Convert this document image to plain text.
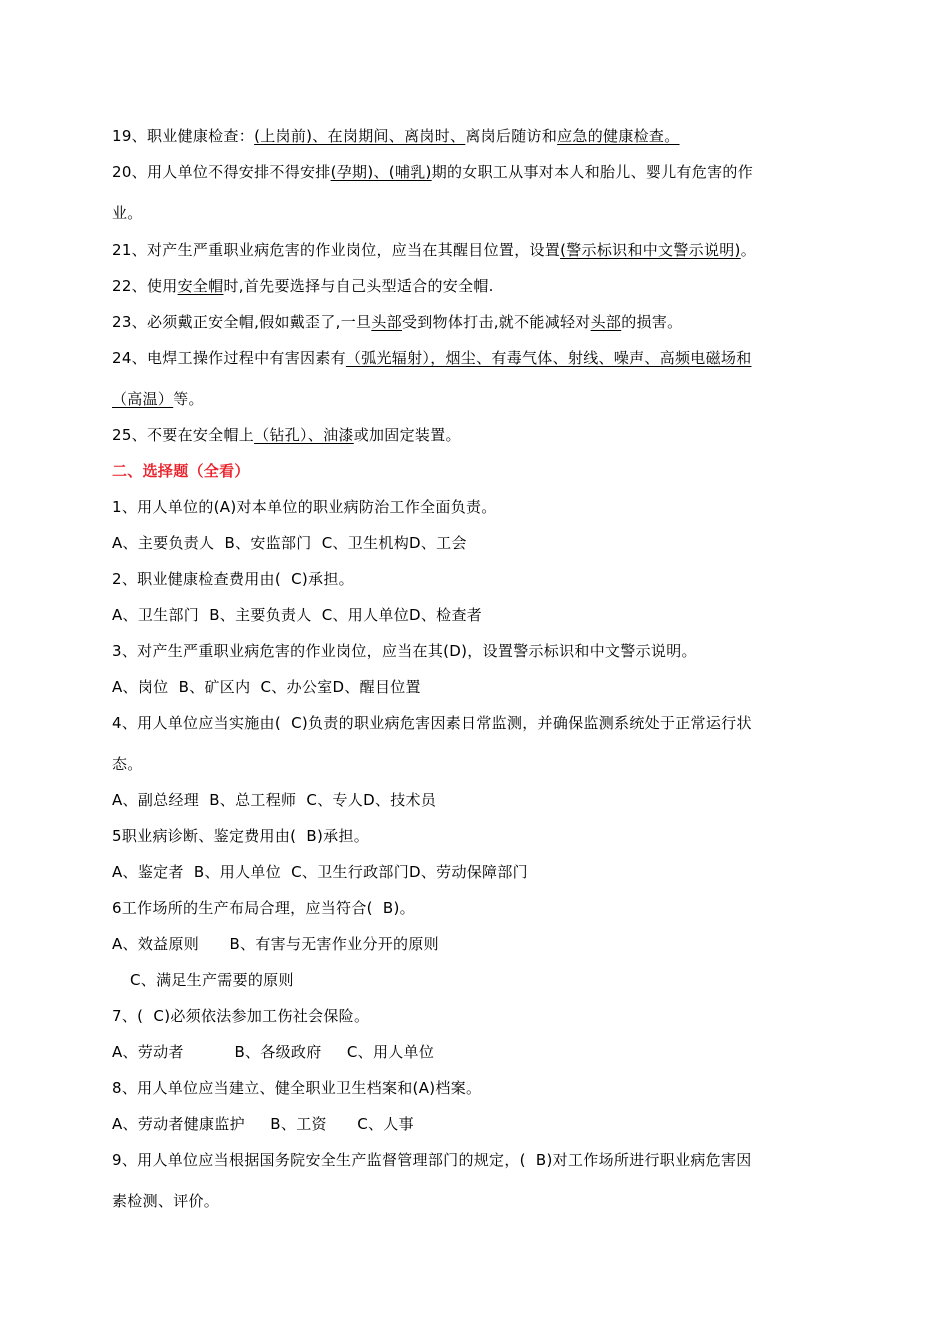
19、职业健康检查：(上岗前)、在岗期间、离岗时、离岗后随访和应急的健康检查。
20、用人单位不得安排不得安排(孕期)、(哺乳)期的女职工从事对本人和胎儿、婴儿有危害的作
业。
21、对产生严重职业病危害的作业岗位，应当在其醒目位置，设置(警示标识和中文警示说明)。
22、使用安全帽时,首先要选择与自己头型适合的安全帽.
23、必须戴正安全帽,假如戴歪了,一旦头部受到物体打击,就不能减轻对头部的损害。
24、电焊工操作过程中有害因素有（弧光辐射），烟尘、有毒气体、射线、噪声、高频电磁场和
（高温）等。
25、不要在安全帽上（钻孔）、油漆或加固定装置。
二、选择题（全看）
1、用人单位的(A)对本单位的职业病防治工作全面负责。
A、主要负责人  B、安监部门  C、卫生机构D、工会
2、职业健康检查费用由(  C)承担。
A、卫生部门  B、主要负责人  C、用人单位D、检查者
3、对产生严重职业病危害的作业岗位，应当在其(D)，设置警示标识和中文警示说明。
A、岗位  B、矿区内  C、办公室D、醒目位置
4、用人单位应当实施由(  C)负责的职业病危害因素日常监测，并确保监测系统处于正常运行状
态。
A、副总经理  B、总工程师  C、专人D、技术员
5职业病诊断、鉴定费用由(  B)承担。
A、鉴定者  B、用人单位  C、卫生行政部门D、劳动保障部门
6工作场所的生产布局合理，应当符合(  B)。
A、效益原则      B、有害与无害作业分开的原则
C、满足生产需要的原则
7、(  C)必须依法参加工伤社会保险。
A、劳动者          B、各级政府     C、用人单位
8、用人单位应当建立、健全职业卫生档案和(A)档案。
A、劳动者健康监护     B、工资      C、人事
9、用人单位应当根据国务院安全生产监督管理部门的规定，(  B)对工作场所进行职业病危害因
素检测、评价。
